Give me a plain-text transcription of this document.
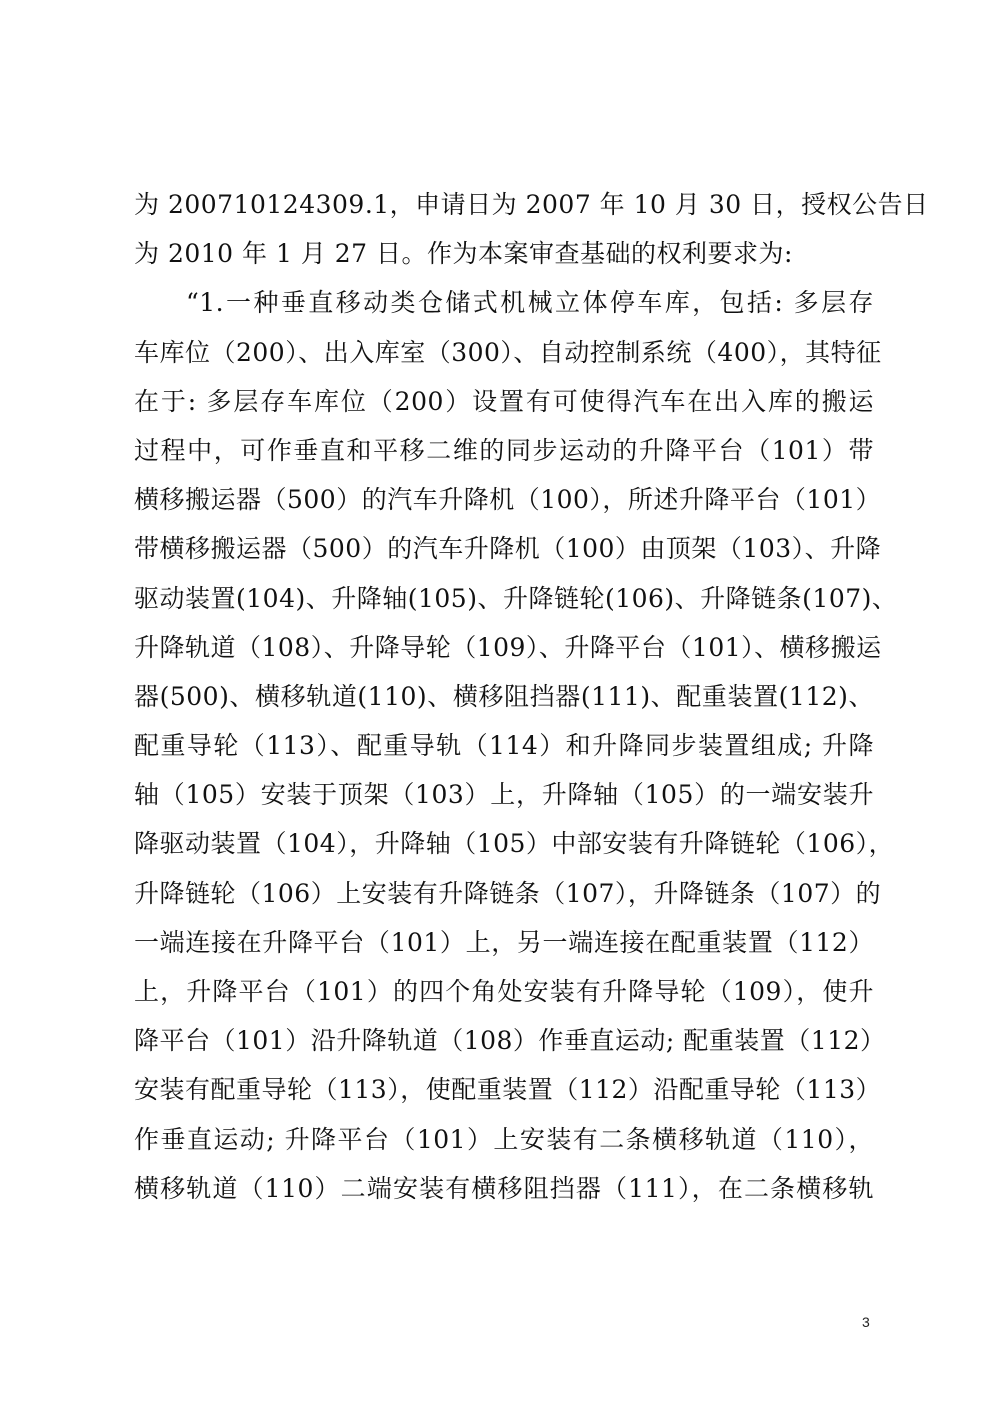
为 200710124309.1，申请日为 2007 年 10 月 30 日，授权公告日
为 2010 年 1 月 27 日。作为本案审查基础的权利要求为:
“1.一种垂直移动类仓储式机械立体停车库，包括: 多层存
车库位（200）、出入库室（300）、自动控制系统（400），其特征
在于: 多层存车库位（200）设置有可使得汽车在出入库的搬运
过程中，可作垂直和平移二维的同步运动的升降平台（101）带
横移搬运器（500）的汽车升降机（100），所述升降平台（101）
带横移搬运器（500）的汽车升降机（100）由顶架（103）、升降
驱动装置(104)、升降轴(105)、升降链轮(106)、升降链条(107)、
升降轨道（108）、升降导轮（109）、升降平台（101）、横移搬运
器(500)、横移轨道(110)、横移阻挡器(111)、配重装置(112)、
配重导轮（113）、配重导轨（114）和升降同步装置组成; 升降
轴（105）安装于顶架（103）上，升降轴（105）的一端安装升
降驱动装置（104），升降轴（105）中部安装有升降链轮（106），
升降链轮（106）上安装有升降链条（107），升降链条（107）的
一端连接在升降平台（101）上，另一端连接在配重装置（112）
上，升降平台（101）的四个角处安装有升降导轮（109），使升
降平台（101）沿升降轨道（108）作垂直运动; 配重装置（112）
安装有配重导轮（113），使配重装置（112）沿配重导轮（113）
作垂直运动; 升降平台（101）上安装有二条横移轨道（110），
横移轨道（110）二端安装有横移阻挡器（111），在二条横移轨
3
